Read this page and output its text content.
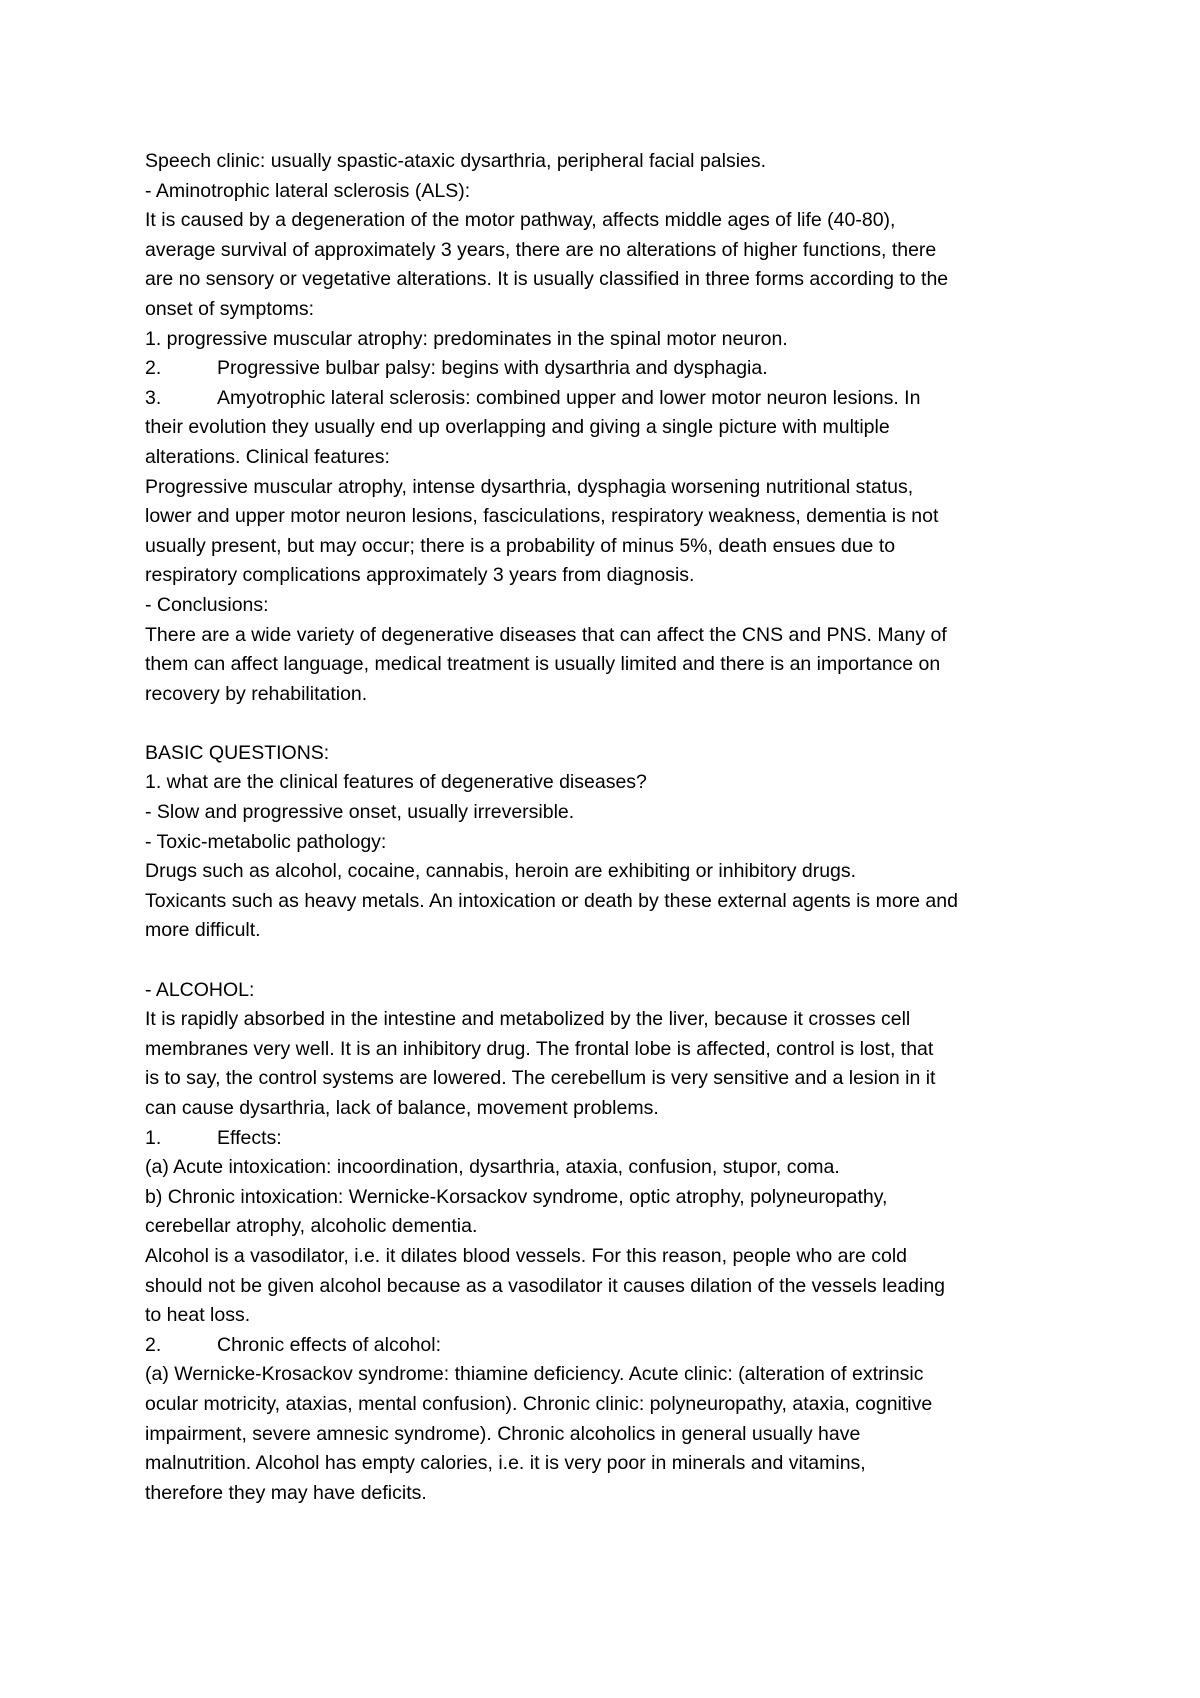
Speech clinic: usually spastic-ataxic dysarthria, peripheral facial palsies.

- Aminotrophic lateral sclerosis (ALS):

It is caused by a degeneration of the motor pathway, affects middle ages of life (40-80),

average survival of approximately 3 years, there are no alterations of higher functions, there

are no sensory or vegetative alterations. It is usually classified in three forms according to the

onset of symptoms:

1. progressive muscular atrophy: predominates in the spinal motor neuron.

2.	Progressive bulbar palsy: begins with dysarthria and dysphagia.

3.	Amyotrophic lateral sclerosis: combined upper and lower motor neuron lesions. In

their evolution they usually end up overlapping and giving a single picture with multiple

alterations. Clinical features:

Progressive muscular atrophy, intense dysarthria, dysphagia worsening nutritional status,

lower and upper motor neuron lesions, fasciculations, respiratory weakness, dementia is not

usually present, but may occur; there is a probability of minus 5%, death ensues due to

respiratory complications approximately 3 years from diagnosis.

- Conclusions:

There are a wide variety of degenerative diseases that can affect the CNS and PNS. Many of

them can affect language, medical treatment is usually limited and there is an importance on

recovery by rehabilitation.

BASIC QUESTIONS:

1. what are the clinical features of degenerative diseases?

- Slow and progressive onset, usually irreversible.

- Toxic-metabolic pathology:

Drugs such as alcohol, cocaine, cannabis, heroin are exhibiting or inhibitory drugs.

Toxicants such as heavy metals. An intoxication or death by these external agents is more and

more difficult.

- ALCOHOL:

It is rapidly absorbed in the intestine and metabolized by the liver, because it crosses cell

membranes very well. It is an inhibitory drug. The frontal lobe is affected, control is lost, that

is to say, the control systems are lowered. The cerebellum is very sensitive and a lesion in it

can cause dysarthria, lack of balance, movement problems.

1.	Effects:

(a) Acute intoxication: incoordination, dysarthria, ataxia, confusion, stupor, coma.

b) Chronic intoxication: Wernicke-Korsackov syndrome, optic atrophy, polyneuropathy,

cerebellar atrophy, alcoholic dementia.

Alcohol is a vasodilator, i.e. it dilates blood vessels. For this reason, people who are cold

should not be given alcohol because as a vasodilator it causes dilation of the vessels leading

to heat loss.

2.	Chronic effects of alcohol:

(a) Wernicke-Krosackov syndrome: thiamine deficiency. Acute clinic: (alteration of extrinsic

ocular motricity, ataxias, mental confusion). Chronic clinic: polyneuropathy, ataxia, cognitive

impairment, severe amnesic syndrome). Chronic alcoholics in general usually have

malnutrition. Alcohol has empty calories, i.e. it is very poor in minerals and vitamins,

therefore they may have deficits.
